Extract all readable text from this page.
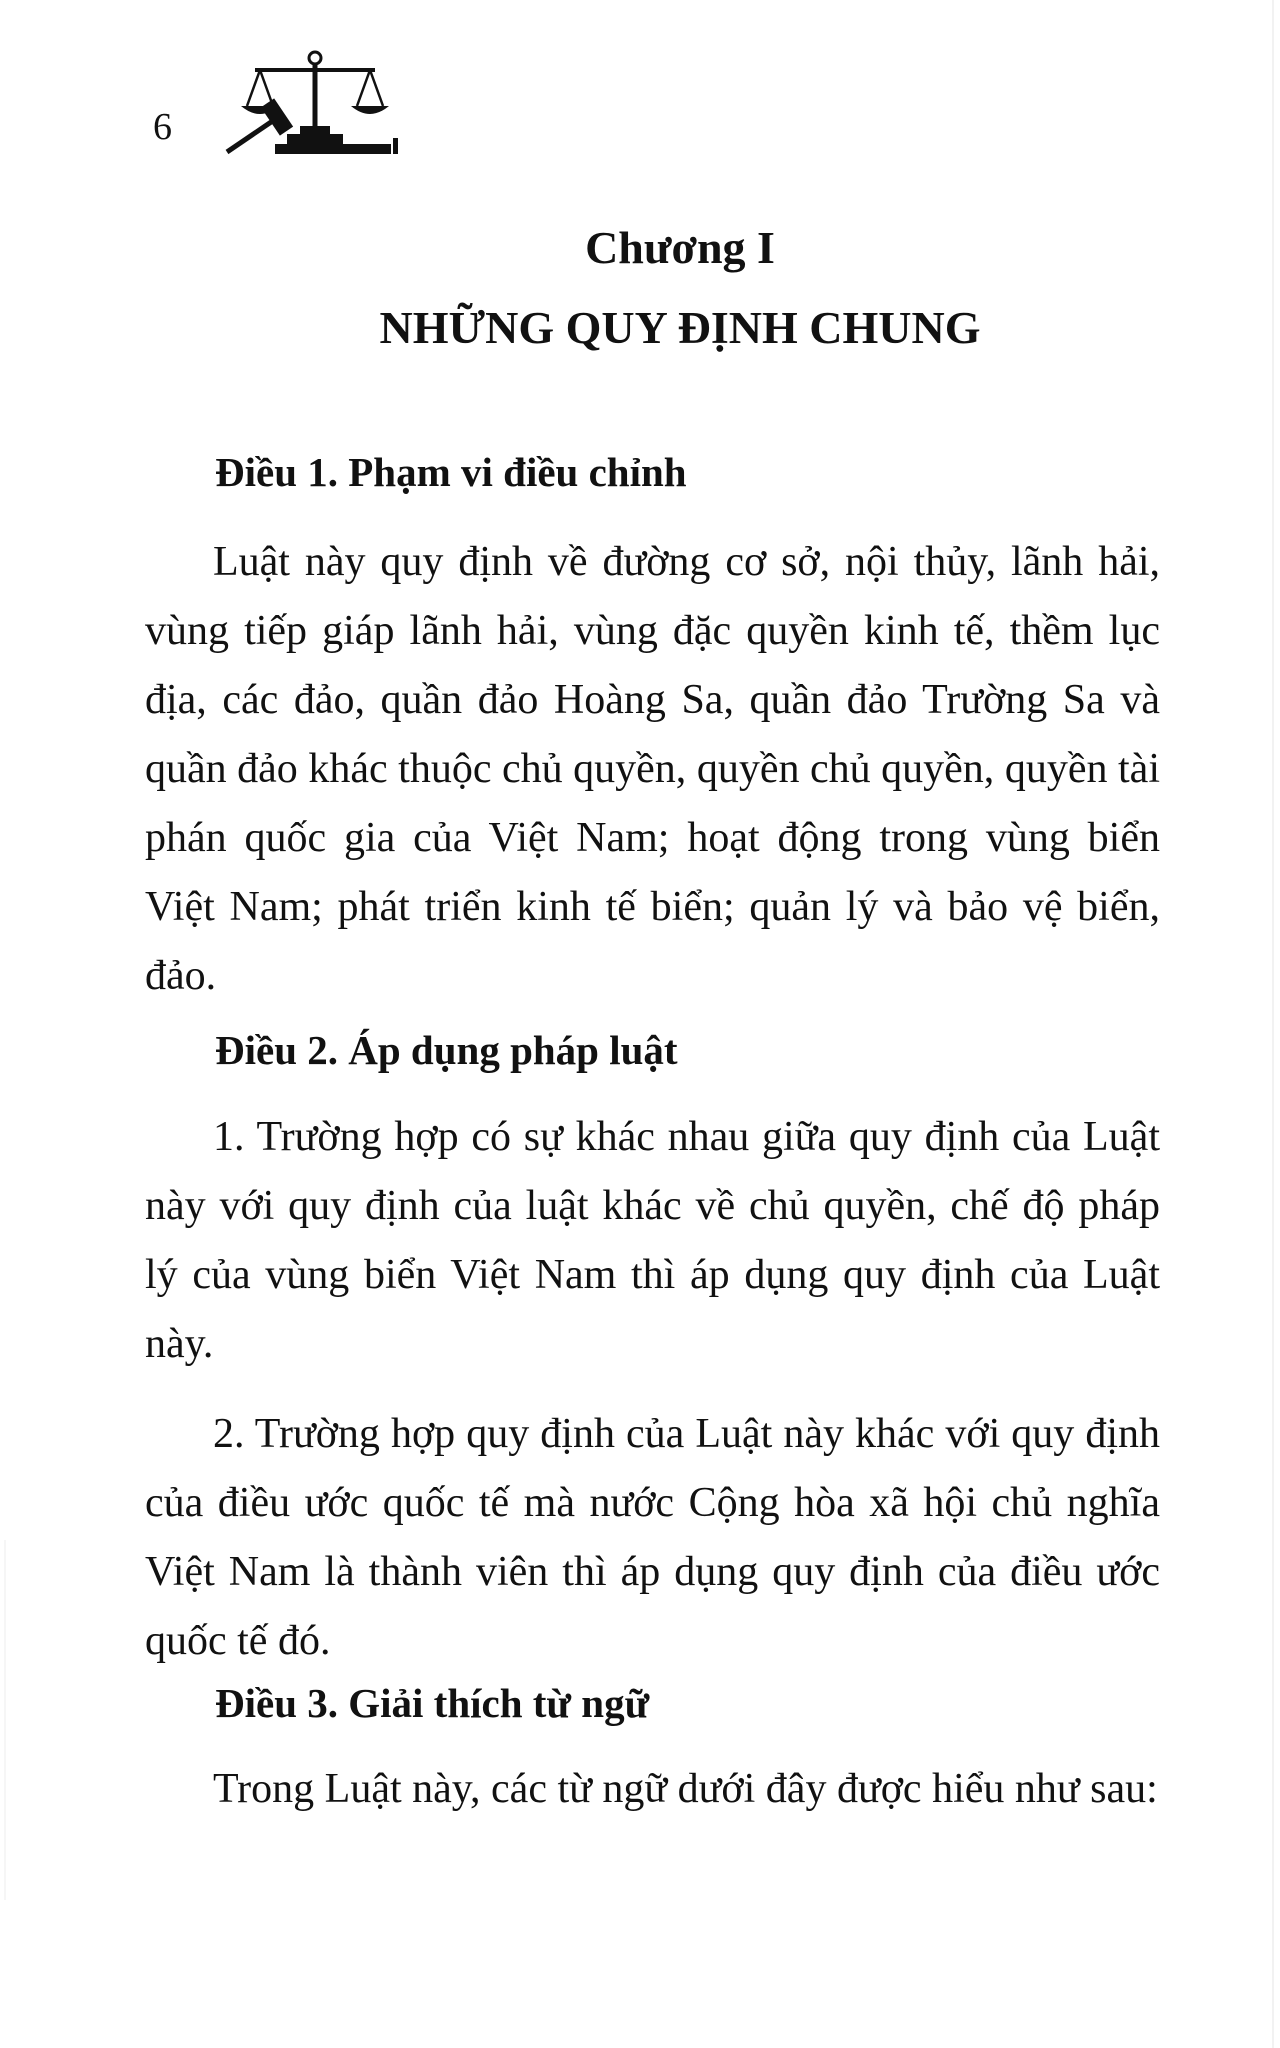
6
Chương I
NHỮNG QUY ĐỊNH CHUNG
Điều 1. Phạm vi điều chỉnh
Luật này quy định về đường cơ sở, nội thủy, lãnh hải, vùng tiếp giáp lãnh hải, vùng đặc quyền kinh tế, thềm lục địa, các đảo, quần đảo Hoàng Sa, quần đảo Trường Sa và quần đảo khác thuộc chủ quyền, quyền chủ quyền, quyền tài phán quốc gia của Việt Nam; hoạt động trong vùng biển Việt Nam; phát triển kinh tế biển; quản lý và bảo vệ biển, đảo.
Điều 2. Áp dụng pháp luật
1. Trường hợp có sự khác nhau giữa quy định của Luật này với quy định của luật khác về chủ quyền, chế độ pháp lý của vùng biển Việt Nam thì áp dụng quy định của Luật này.
2. Trường hợp quy định của Luật này khác với quy định của điều ước quốc tế mà nước Cộng hòa xã hội chủ nghĩa Việt Nam là thành viên thì áp dụng quy định của điều ước quốc tế đó.
Điều 3. Giải thích từ ngữ
Trong Luật này, các từ ngữ dưới đây được hiểu như sau:
